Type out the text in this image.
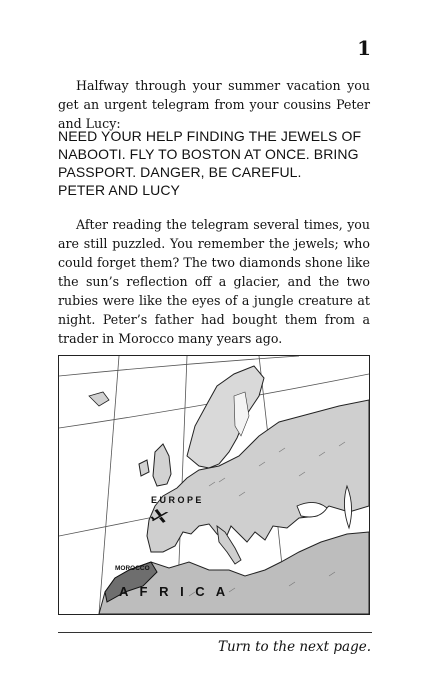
1

Halfway through your summer vacation you get an urgent telegram from your cousins Peter and Lucy:

NEED YOUR HELP FINDING THE JEWELS OF
NABOOTI. FLY TO BOSTON AT ONCE. BRING
PASSPORT. DANGER, BE CAREFUL.
PETER AND LUCY

After reading the telegram several times, you are still puzzled. You remember the jewels; who could forget them? The two diamonds shone like the sun’s reflection off a glacier, and the two rubies were like the eyes of a jungle creature at night. Peter’s father had bought them from a trader in Morocco many years ago.

E U R O P E
MOROCCO
A F R I C A
Turn to the next page.
